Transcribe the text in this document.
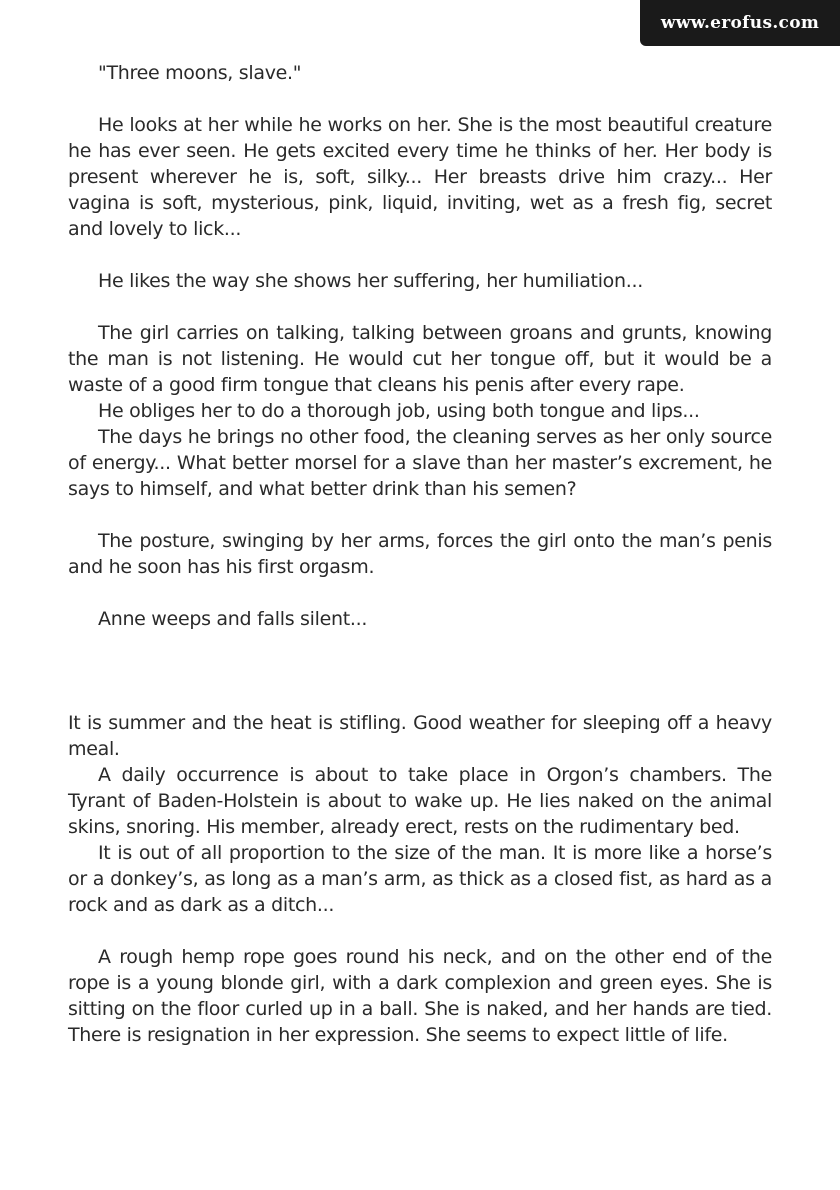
www.erofus.com

"Three moons, slave."

He looks at her while he works on her. She is the most beautiful creature he has ever seen. He gets excited every time he thinks of her. Her body is present wherever he is, soft, silky... Her breasts drive him crazy... Her vagina is soft, mysterious, pink, liquid, inviting, wet as a fresh fig, secret and lovely to lick...

He likes the way she shows her suffering, her humiliation...

The girl carries on talking, talking between groans and grunts, knowing the man is not listening. He would cut her tongue off, but it would be a waste of a good firm tongue that cleans his penis after every rape.

He obliges her to do a thorough job, using both tongue and lips...

The days he brings no other food, the cleaning serves as her only source of energy... What better morsel for a slave than her master’s excrement, he says to himself, and what better drink than his semen?

The posture, swinging by her arms, forces the girl onto the man’s penis and he soon has his first orgasm.

Anne weeps and falls silent...

It is summer and the heat is stifling. Good weather for sleeping off a heavy meal.

A daily occurrence is about to take place in Orgon’s chambers. The Tyrant of Baden-Holstein is about to wake up. He lies naked on the animal skins, snoring. His member, already erect, rests on the rudimentary bed.

It is out of all proportion to the size of the man. It is more like a horse’s or a donkey’s, as long as a man’s arm, as thick as a closed fist, as hard as a rock and as dark as a ditch...

A rough hemp rope goes round his neck, and on the other end of the rope is a young blonde girl, with a dark complexion and green eyes. She is sitting on the floor curled up in a ball. She is naked, and her hands are tied. There is resignation in her expression. She seems to expect little of life.
